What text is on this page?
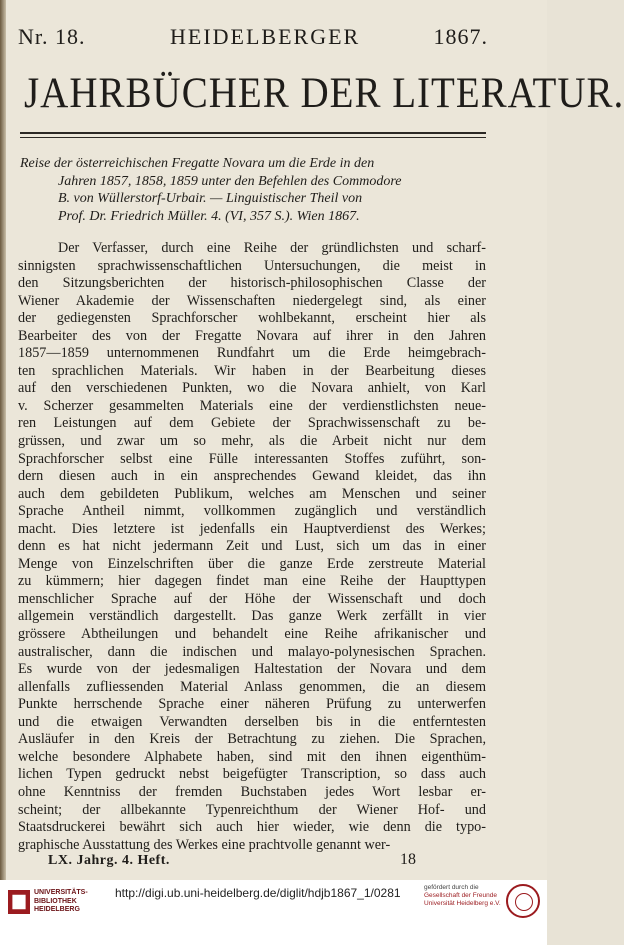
Nr. 18.	HEIDELBERGER	1867.
JAHRBÜCHER DER LITERATUR.
Reise der österreichischen Fregatte Novara um die Erde in den
Jahren 1857, 1858, 1859 unter den Befehlen des Commodore
B. von Wüllerstorf-Urbair. — Linguistischer Theil von
Prof. Dr. Friedrich Müller. 4. (VI, 357 S.). Wien 1867.
Der Verfasser, durch eine Reihe der gründlichsten und scharf-
sinnigsten sprachwissenschaftlichen Untersuchungen, die meist in
den Sitzungsberichten der historisch-philosophischen Classe der
Wiener Akademie der Wissenschaften niedergelegt sind, als einer
der gediegensten Sprachforscher wohlbekannt, erscheint hier als
Bearbeiter des von der Fregatte Novara auf ihrer in den Jahren
1857—1859 unternommenen Rundfahrt um die Erde heimgebrach-
ten sprachlichen Materials. Wir haben in der Bearbeitung dieses
auf den verschiedenen Punkten, wo die Novara anhielt, von Karl
v. Scherzer gesammelten Materials eine der verdienstlichsten neue-
ren Leistungen auf dem Gebiete der Sprachwissenschaft zu be-
grüssen, und zwar um so mehr, als die Arbeit nicht nur dem
Sprachforscher selbst eine Fülle interessanten Stoffes zuführt, son-
dern diesen auch in ein ansprechendes Gewand kleidet, das ihn
auch dem gebildeten Publikum, welches am Menschen und seiner
Sprache Antheil nimmt, vollkommen zugänglich und verständlich
macht. Dies letztere ist jedenfalls ein Hauptverdienst des Werkes;
denn es hat nicht jedermann Zeit und Lust, sich um das in einer
Menge von Einzelschriften über die ganze Erde zerstreute Material
zu kümmern; hier dagegen findet man eine Reihe der Haupttypen
menschlicher Sprache auf der Höhe der Wissenschaft und doch
allgemein verständlich dargestellt. Das ganze Werk zerfällt in vier
grössere Abtheilungen und behandelt eine Reihe afrikanischer und
australischer, dann die indischen und malayo-polynesischen Sprachen.
Es wurde von der jedesmaligen Haltestation der Novara und dem
allenfalls zufliessenden Material Anlass genommen, die an diesem
Punkte herrschende Sprache einer näheren Prüfung zu unterwerfen
und die etwaigen Verwandten derselben bis in die entferntesten
Ausläufer in den Kreis der Betrachtung zu ziehen. Die Sprachen,
welche besondere Alphabete haben, sind mit den ihnen eigenthüm-
lichen Typen gedruckt nebst beigefügter Transcription, so dass auch
ohne Kenntniss der fremden Buchstaben jedes Wort lesbar er-
scheint; der allbekannte Typenreichthum der Wiener Hof- und
Staatsdruckerei bewährt sich auch hier wieder, wie denn die typo-
graphische Ausstattung des Werkes eine prachtvolle genannt wer-
LX. Jahrg. 4. Heft.	18
UNIVERSITÄTS-
BIBLIOTHEK
HEIDELBERG
http://digi.ub.uni-heidelberg.de/diglit/hdjb1867_1/0281	gefördert durch die
Gesellschaft der Freunde
Universität Heidelberg e.V.
